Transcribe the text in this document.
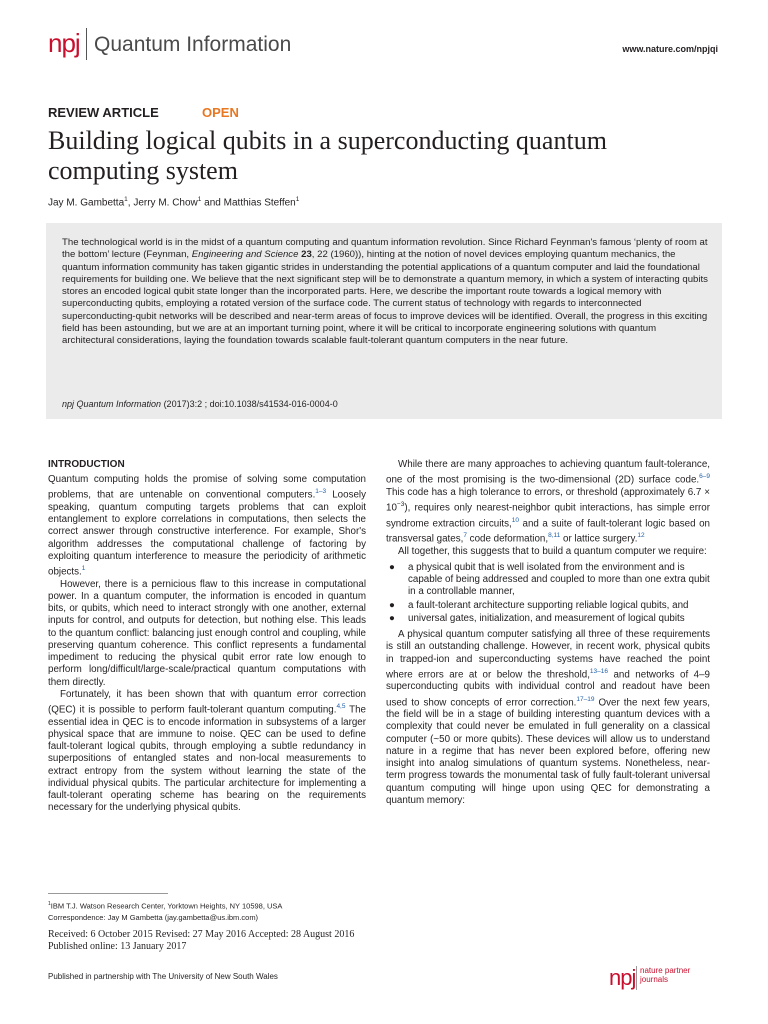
npj Quantum Information	www.nature.com/npjqi
REVIEW ARTICLE	OPEN
Building logical qubits in a superconducting quantum computing system
Jay M. Gambetta$^1$, Jerry M. Chow$^1$ and Matthias Steffen$^1$
The technological world is in the midst of a quantum computing and quantum information revolution. Since Richard Feynman's famous ‘plenty of room at the bottom’ lecture (Feynman, Engineering and Science 23, 22 (1960)), hinting at the notion of novel devices employing quantum mechanics, the quantum information community has taken gigantic strides in understanding the potential applications of a quantum computer and laid the foundational requirements for building one. We believe that the next significant step will be to demonstrate a quantum memory, in which a system of interacting qubits stores an encoded logical qubit state longer than the incorporated parts. Here, we describe the important route towards a logical memory with superconducting qubits, employing a rotated version of the surface code. The current status of technology with regards to interconnected superconducting-qubit networks will be described and near-term areas of focus to improve devices will be identified. Overall, the progress in this exciting field has been astounding, but we are at an important turning point, where it will be critical to incorporate engineering solutions with quantum architectural considerations, laying the foundation towards scalable fault-tolerant quantum computers in the near future.
npj Quantum Information (2017)3:2 ; doi:10.1038/s41534-016-0004-0
INTRODUCTION

Quantum computing holds the promise of solving some computation problems, that are untenable on conventional computers.$^{1-3}$ Loosely speaking, quantum computing targets problems that can exploit entanglement to explore correlations in computations, then selects the correct answer through constructive interference. For example, Shor's algorithm addresses the computational challenge of factoring by exploiting quantum interference to measure the periodicity of arithmetic objects.$^1$

However, there is a pernicious flaw to this increase in computational power. In a quantum computer, the information is encoded in quantum bits, or qubits, which need to interact strongly with one another, external inputs for control, and outputs for detection, but nothing else. This leads to the quantum conflict: balancing just enough control and coupling, while preserving quantum coherence. This conflict represents a fundamental impediment to reducing the physical qubit error rate low enough to perform long/difficult/large-scale/practical quantum computations with them directly.

Fortunately, it has been shown that with quantum error correction (QEC) it is possible to perform fault-tolerant quantum computing.$^{4,5}$ The essential idea in QEC is to encode information in subsystems of a larger physical space that are immune to noise. QEC can be used to define fault-tolerant logical qubits, through employing a subtle redundancy in superpositions of entangled states and non-local measurements to extract entropy from the system without learning the state of the individual physical qubits. The particular architecture for implementing a fault-tolerant operating scheme has bearing on the requirements necessary for the underlying physical qubits.

While there are many approaches to achieving quantum fault-tolerance, one of the most promising is the two-dimensional (2D) surface code.$^{6-9}$ This code has a high tolerance to errors, or threshold (approximately $6.7 \times 10^{-3}$), requires only nearest-neighbor qubit interactions, has simple error syndrome extraction circuits,$^{10}$ and a suite of fault-tolerant logic based on transversal gates,$^7$ code deformation,$^{8,11}$ or lattice surgery.$^{12}$

All together, this suggests that to build a quantum computer we require:

● a physical qubit that is well isolated from the environment and is capable of being addressed and coupled to more than one extra qubit in a controllable manner,
● a fault-tolerant architecture supporting reliable logical qubits, and
● universal gates, initialization, and measurement of logical qubits

A physical quantum computer satisfying all three of these requirements is still an outstanding challenge. However, in recent work, physical qubits in trapped-ion and superconducting systems have reached the point where errors are at or below the threshold,$^{13-16}$ and networks of 4–9 superconducting qubits with individual control and readout have been used to show concepts of error correction.$^{17-19}$ Over the next few years, the field will be in a stage of building interesting quantum devices with a complexity that could never be emulated in full generality on a classical computer (~50 or more qubits). These devices will allow us to understand nature in a regime that has never been explored before, offering new insight into analog simulations of quantum systems. Nonetheless, near-term progress towards the monumental task of fully fault-tolerant universal quantum computing will hinge upon using QEC for demonstrating a quantum memory:

$^1$IBM T.J. Watson Research Center, Yorktown Heights, NY 10598, USA
Correspondence: Jay M Gambetta (jay.gambetta@us.ibm.com)
Received: 6 October 2015 Revised: 27 May 2016 Accepted: 28 August 2016
Published online: 13 January 2017
Published in partnership with The University of New South Wales	npj nature partner
journals
